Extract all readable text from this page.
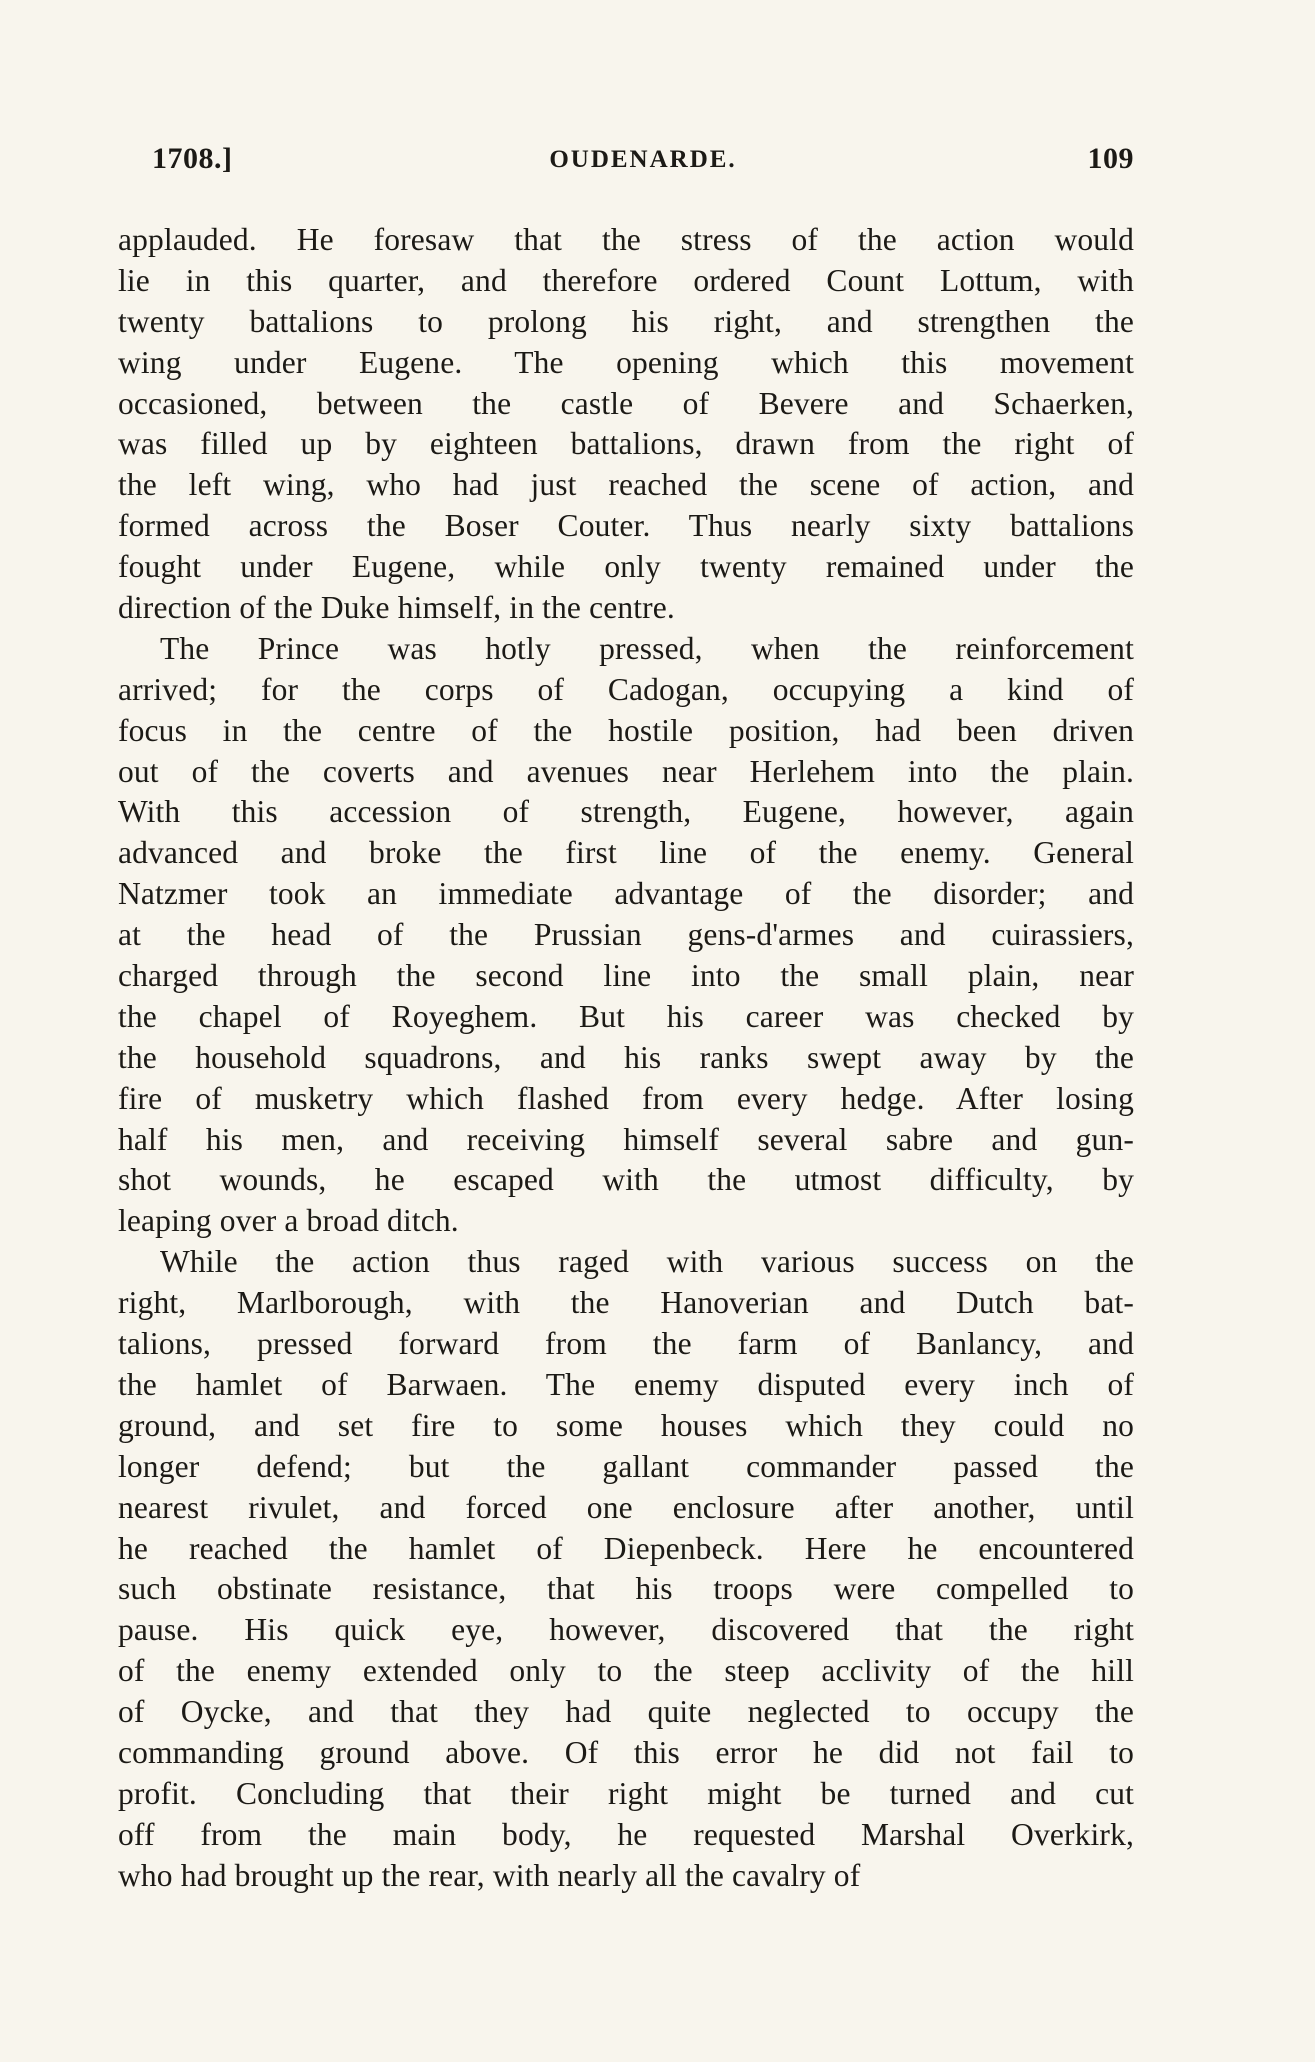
1708.]	OUDENARDE.	109

applauded. He foresaw that the stress of the action would
lie in this quarter, and therefore ordered Count Lottum, with
twenty battalions to prolong his right, and strengthen the
wing under Eugene. The opening which this movement
occasioned, between the castle of Bevere and Schaerken,
was filled up by eighteen battalions, drawn from the right of
the left wing, who had just reached the scene of action, and
formed across the Boser Couter. Thus nearly sixty battalions
fought under Eugene, while only twenty remained under the
direction of the Duke himself, in the centre.

The Prince was hotly pressed, when the reinforcement
arrived; for the corps of Cadogan, occupying a kind of
focus in the centre of the hostile position, had been driven
out of the coverts and avenues near Herlehem into the plain.
With this accession of strength, Eugene, however, again
advanced and broke the first line of the enemy. General
Natzmer took an immediate advantage of the disorder; and
at the head of the Prussian gens-d'armes and cuirassiers,
charged through the second line into the small plain, near
the chapel of Royeghem. But his career was checked by
the household squadrons, and his ranks swept away by the
fire of musketry which flashed from every hedge. After losing
half his men, and receiving himself several sabre and gun-
shot wounds, he escaped with the utmost difficulty, by
leaping over a broad ditch.

While the action thus raged with various success on the
right, Marlborough, with the Hanoverian and Dutch bat-
talions, pressed forward from the farm of Banlancy, and
the hamlet of Barwaen. The enemy disputed every inch of
ground, and set fire to some houses which they could no
longer defend; but the gallant commander passed the
nearest rivulet, and forced one enclosure after another, until
he reached the hamlet of Diepenbeck. Here he encountered
such obstinate resistance, that his troops were compelled to
pause. His quick eye, however, discovered that the right
of the enemy extended only to the steep acclivity of the hill
of Oycke, and that they had quite neglected to occupy the
commanding ground above. Of this error he did not fail to
profit. Concluding that their right might be turned and cut
off from the main body, he requested Marshal Overkirk,
who had brought up the rear, with nearly all the cavalry of
